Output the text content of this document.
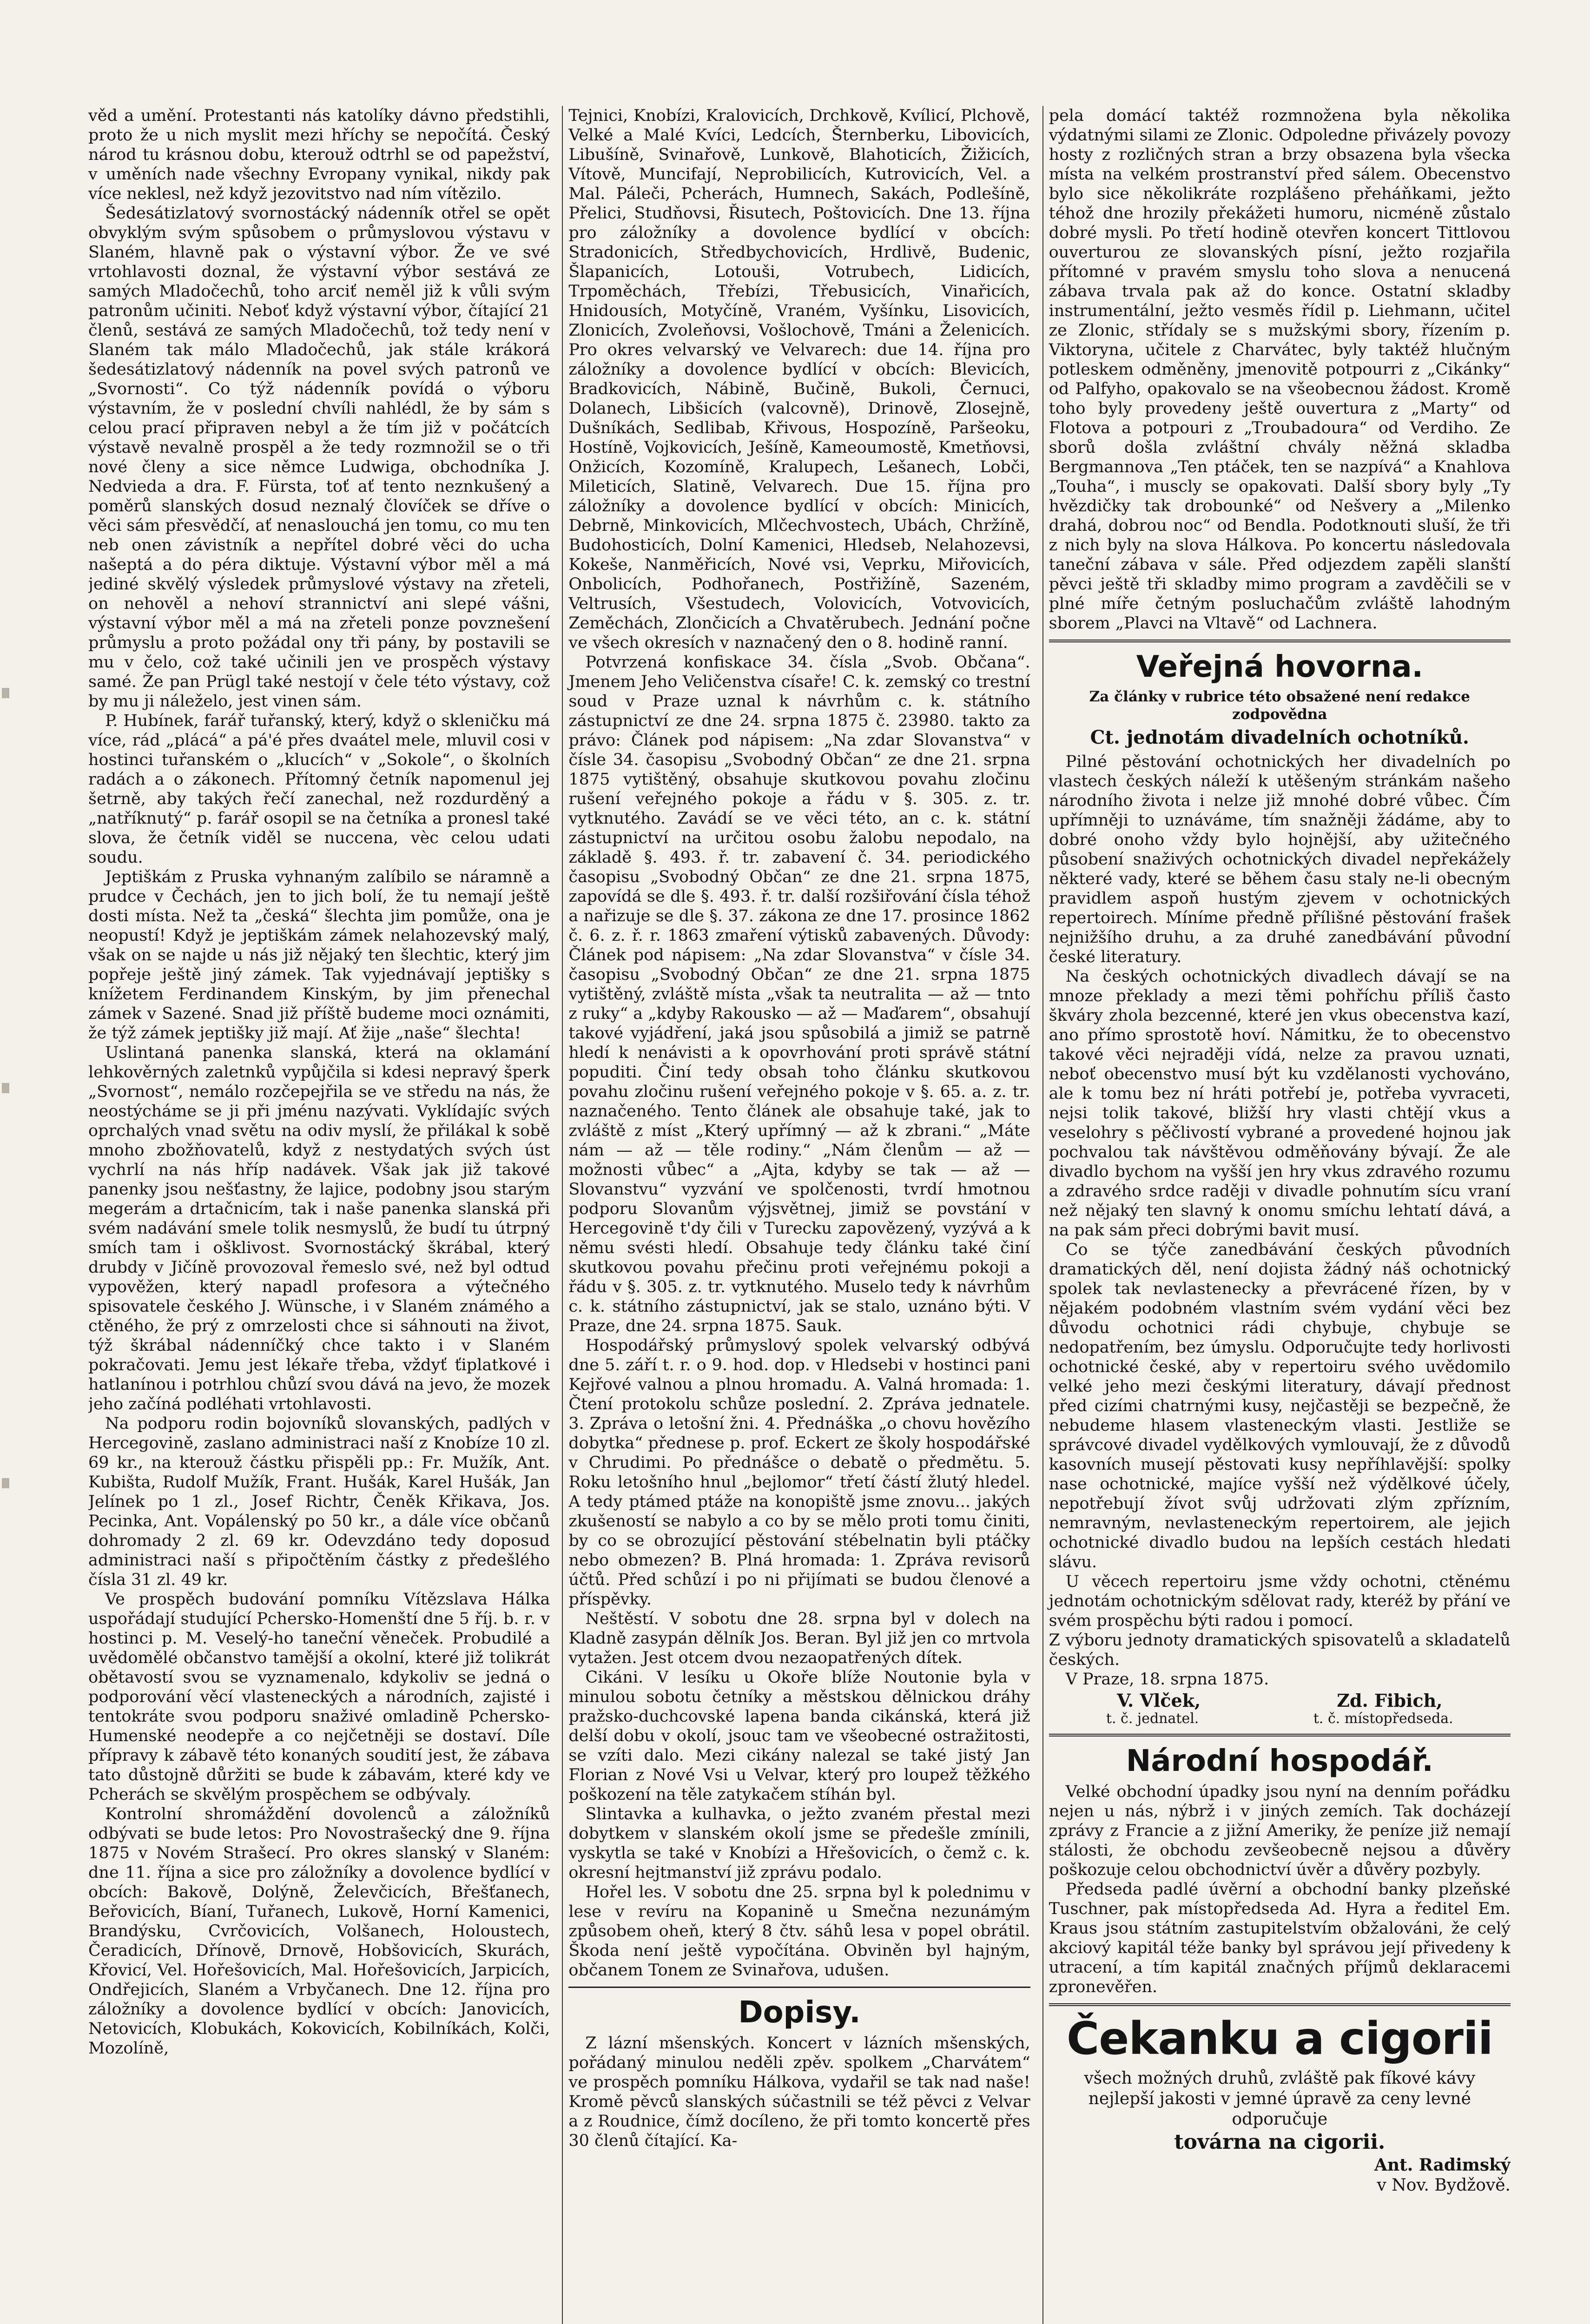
věd a umění. Protestanti nás katolíky dávno předstihli, proto že u nich myslit mezi hříchy se nepočítá. Český národ tu krásnou dobu, kterouž odtrhl se od papežství, v uměních nade všechny Evropany vynikal, nikdy pak více neklesl, než když jezovitstvo nad ním vítězilo.

Šedesátizlatový svornostácký nádenník otřel se opět obvyklým svým spůsobem o průmyslovou výstavu v Slaném, hlavně pak o výstavní výbor. Že ve své vrtohlavosti doznal, že výstavní výbor sestává ze samých Mladočechů, toho arciť neměl již k vůli svým patronům učiniti. Neboť když výstavní výbor, čítající 21 členů, sestává ze samých Mladočechů, tož tedy není v Slaném tak málo Mladočechů, jak stále krákorá šedesátizlatový nádenník na povel svých patronů ve „Svornosti“. Co týž nádenník povídá o výboru výstavním, že v poslední chvíli nahlédl, že by sám s celou prací připraven nebyl a že tím již v počátcích výstavě nevalně prospěl a že tedy rozmnožil se o tři nové členy a sice němce Ludwiga, obchodníka J. Nedvieda a dra. F. Fürsta, toť ať tento neznkušený a poměrů slanských dosud neznalý človíček se dříve o věci sám přesvědčí, ať nenaslouchá jen tomu, co mu ten neb onen závistník a nepřítel dobré věci do ucha našeptá a do péra diktuje. Výstavní výbor měl a má jediné skvělý výsledek průmyslové výstavy na zřeteli, on nehověl a nehoví strannictví ani slepé vášni, výstavní výbor měl a má na zřeteli ponze povznešení průmyslu a proto požádal ony tři pány, by postavili se mu v čelo, což také učinili jen ve prospěch výstavy samé. Že pan Prügl také nestojí v čele této výstavy, což by mu ji náleželo, jest vinen sám.

P. Hubínek, farář tuřanský, který, když o skleničku má více, rád „plácá“ a pá'é přes dvaátel mele, mluvil cosi v hostinci tuřanském o „klucích“ v „Sokole“, o školních radách a o zákonech. Přítomný četník napomenul jej šetrně, aby takých řečí zanechal, než rozdurděný a „natříknutý“ p. farář osopil se na četníka a pronesl také slova, že četník viděl se nuccena, vèc celou udati soudu.

Jeptiškám z Pruska vyhnaným zalíbilo se náramně a prudce v Čechách, jen to jich bolí, že tu nemají ještě dosti místa. Než ta „česká“ šlechta jim pomůže, ona je neopustí! Když je jeptiškám zámek nelahozevský malý, však on se najde u nás již nějaký ten šlechtic, který jim popřeje ještě jiný zámek. Tak vyjednávají jeptišky s knížetem Ferdinandem Kinským, by jim přenechal zámek v Sazené. Snad již příště budeme moci oznámiti, že týž zámek jeptišky již mají. Ať žije „naše“ šlechta!

Uslintaná panenka slanská, která na oklamání lehkověrných zaletnků vypůjčila si kdesi nepravý šperk „Svornost“, nemálo rozčepejřila se ve středu na nás, že neostýcháme se ji při jménu nazývati. Vyklídajíc svých oprchalých vnad světu na odiv myslí, že přilákal k sobě mnoho zbožňovatelů, když z nestydatých svých úst vychrlí na nás hříp nadávek. Však jak již takové panenky jsou nešťastny, že lajice, podobny jsou starým megerám a drtačnicím, tak i naše panenka slanská při svém nadávání smele tolik nesmyslů, že budí tu útrpný smích tam i ošklivost. Svornostácký škrábal, který drubdy v Jičíně provozoval řemeslo své, než byl odtud vypověžen, který napadl profesora a výtečného spisovatele českého J. Wünsche, i v Slaném známého a ctěného, že prý z omrzelosti chce si sáhnouti na život, týž škrábal nádenníčký chce takto i v Slaném pokračovati. Jemu jest lékaře třeba, vždyť ťiplatkové i hatlanínou i potrhlou chůzí svou dává na jevo, že mozek jeho začíná podléhati vrtohlavosti.

Na podporu rodin bojovníků slovanských, padlých v Hercegovině, zaslano administraci naší z Knobíze 10 zl. 69 kr., na kterouž částku přispěli pp.: Fr. Mužík, Ant. Kubišta, Rudolf Mužík, Frant. Hušák, Karel Hušák, Jan Jelínek po 1 zl., Josef Richtr, Čeněk Křikava, Jos. Pecinka, Ant. Vopálenský po 50 kr., a dále více občanů dohromady 2 zl. 69 kr. Odevzdáno tedy doposud administraci naší s připočtěním částky z předešlého čísla 31 zl. 49 kr.

Ve prospěch budování pomníku Vítězslava Hálka uspořádají studující Pchersko-Homenští dne 5 říj. b. r. v hostinci p. M. Veselý-ho taneční věneček. Probudilé a uvědomělé občanstvo tamější a okolní, které již tolikrát obětavostí svou se vyznamenalo, kdykoliv se jedná o podporování věcí vlasteneckých a národních, zajisté i tentokráte svou podporu snaživé omladině Pchersko-Humenské neodepře a co nejčetněji se dostaví. Díle přípravy k zábavě této konaných soudití jest, že zábava tato důstojně důržiti se bude k zábavám, které kdy ve Pcherách se skvělým prospěchem se odbývaly.

Kontrolní shromáždění dovolenců a záložníků odbývati se bude letos: Pro Novostrašecký dne 9. října 1875 v Novém Strašecí. Pro okres slanský v Slaném: dne 11. října a sice pro záložníky a dovolence bydlící v obcích: Bakově, Dolýně, Želevčicích, Břešťanech, Beřovicích, Bíaní, Tuřanech, Lukově, Horní Kamenici, Brandýsku, Cvrčovicích, Volšanech, Holoustech, Čeradicích, Dřínově, Drnově, Hobšovicích, Skurách, Křovicí, Vel. Hořešovicích, Mal. Hořešovicích, Jarpicích, Ondřejicích, Slaném a Vrbyčanech. Dne 12. října pro záložníky a dovolence bydlící v obcích: Janovicích, Netovicích, Klobukách, Kokovicích, Kobilníkách, Kolči, Mozolíně,

Tejnici, Knobízi, Kralovicích, Drchkově, Kvílicí, Plchově, Velké a Malé Kvíci, Ledcích, Šternberku, Libovicích, Libušíně, Svinařově, Lunkově, Blahoticích, Žižicích, Vítově, Muncifají, Neprobilicích, Kutrovicích, Vel. a Mal. Páleči, Pcherách, Humnech, Sakách, Podlešíně, Přelici, Studňovsi, Řisutech, Poštovicích. Dne 13. října pro záložníky a dovolence bydlící v obcích: Stradonicích, Středbychovicích, Hrdlivě, Budenic, Šlapanicích, Lotouši, Votrubech, Lidicích, Trpoměchách, Třebízi, Třebusicích, Vinařicích, Hnidousích, Motyčíně, Vraném, Vyšínku, Lisovicích, Zlonicích, Zvoleňovsi, Vošlochově, Tmáni a Želenicích. Pro okres velvarský ve Velvarech: due 14. října pro záložníky a dovolence bydlící v obcích: Blevicích, Bradkovicích, Nábině, Bučině, Bukoli, Černuci, Dolanech, Libšicích (valcovně), Drinově, Zlosejně, Dušníkách, Sedlibab, Křivous, Hospozíně, Paršeoku, Hostíně, Vojkovicích, Ješíně, Kameoumostě, Kmetňovsi, Onžicích, Kozomíně, Kralupech, Lešanech, Lobči, Mileticích, Slatině, Velvarech. Due 15. října pro záložníky a dovolence bydlící v obcích: Minicích, Debrně, Minkovicích, Mlčechvostech, Ubách, Chržíně, Budohosticích, Dolní Kamenici, Hledseb, Nelahozevsi, Kokeše, Nanměřicích, Nové vsi, Veprku, Miřovicích, Onbolicích, Podhořanech, Postřižíně, Sazeném, Veltrusích, Všestudech, Volovicích, Votvovicích, Zeměchách, Zlončicích a Chvatěrubech. Jednání počne ve všech okresích v naznačený den o 8. hodině ranní.

Potvrzená konfiskace 34. čísla „Svob. Občana“. Jmenem Jeho Veličenstva císaře! C. k. zemský co trestní soud v Praze uznal k návrhům c. k. státního zástupnictví ze dne 24. srpna 1875 č. 23980. takto za právo: Článek pod nápisem: „Na zdar Slovanstva“ v čísle 34. časopisu „Svobodný Občan“ ze dne 21. srpna 1875 vytištěný, obsahuje skutkovou povahu zločinu rušení veřejného pokoje a řádu v §. 305. z. tr. vytknutého. Zavádí se ve věci této, an c. k. státní zástupnictví na určitou osobu žalobu nepodalo, na základě §. 493. ř. tr. zabavení č. 34. periodického časopisu „Svobodný Občan“ ze dne 21. srpna 1875, zapovídá se dle §. 493. ř. tr. další rozšiřování čísla téhož a nařizuje se dle §. 37. zákona ze dne 17. prosince 1862 č. 6. z. ř. r. 1863 zmaření výtisků zabavených. Důvody: Článek pod nápisem: „Na zdar Slovanstva“ v čísle 34. časopisu „Svobodný Občan“ ze dne 21. srpna 1875 vytištěný, zvláště místa „však ta neutralita — až — tnto z ruky“ a „kdyby Rakousko — až — Maďarem“, obsahují takové vyjádření, jaká jsou spůsobilá a jimiž se patrně hledí k nenávisti a k opovrhování proti správě státní popuditi. Činí tedy obsah toho článku skutkovou povahu zločinu rušení veřejného pokoje v §. 65. a. z. tr. naznačeného. Tento článek ale obsahuje také, jak to zvláště z míst „Který upřímný — až k zbrani.“ „Máte nám — až — těle rodiny.“ „Nám členům — až — možnosti vůbec“ a „Ajta, kdyby se tak — až — Slovanstvu“ vyzvání ve spolčenosti, tvrdí hmotnou podporu Slovanům výjsvětnej, jimiž se povstání v Hercegovině t'dy čili v Turecku zapovězený, vyzývá a k němu svésti hledí. Obsahuje tedy článku také činí skutkovou povahu přečinu proti veřejnému pokoji a řádu v §. 305. z. tr. vytknutého. Muselo tedy k návrhům c. k. státního zástupnictví, jak se stalo, uznáno býti. V Praze, dne 24. srpna 1875. Sauk.

Hospodářský průmyslový spolek velvarský odbývá dne 5. září t. r. o 9. hod. dop. v Hledsebi v hostinci pani Kejřové valnou a plnou hromadu. A. Valná hromada: 1. Čtení protokolu schůze poslední. 2. Zpráva jednatele. 3. Zpráva o letošní žni. 4. Přednáška „o chovu hovězího dobytka“ přednese p. prof. Eckert ze školy hospodářské v Chrudimi. Po přednášce o debatě o předmětu. 5. Roku letošního hnul „bejlomor“ třetí částí žlutý hledel. A tedy ptámed ptáže na konopiště jsme znovu... jakých zkušeností se nabylo a co by se mělo proti tomu činiti, by co se obrozující pěstování stébelnatin byli ptáčky nebo obmezen? B. Plná hromada: 1. Zpráva revisorů účtů. Před schůzí i po ni přijímati se budou členové a příspěvky.

Neštěstí. V sobotu dne 28. srpna byl v dolech na Kladně zasypán dělník Jos. Beran. Byl již jen co mrtvola vytažen. Jest otcem dvou nezaopatřených dítek.

Cikáni. V lesíku u Okoře blíže Noutonie byla v minulou sobotu četníky a městskou dělnickou dráhy pražsko-duchcovské lapena banda cikánská, která již delší dobu v okolí, jsouc tam ve všeobecné ostražitosti, se vzíti dalo. Mezi cikány nalezal se také jistý Jan Florian z Nové Vsi u Velvar, který pro loupež těžkého poškození na těle zatykačem stíhán byl.

Slintavka a kulhavka, o ježto zvaném přestal mezi dobytkem v slanském okolí jsme se předešle zmínili, vyskytla se také v Knobízi a Hřešovicích, o čemž c. k. okresní hejtmanství již zprávu podalo.

Hořel les. V sobotu dne 25. srpna byl k polednimu v lese v revíru na Kopanině u Smečna nezunámým způsobem oheň, který 8 čtv. sáhů lesa v popel obrátil. Škoda není ještě vypočítána. Obviněn byl hajným, občanem Tonem ze Svinařova, udušen.

Dopisy.

Z lázní mšenských. Koncert v lázních mšenských, pořádaný minulou neděli zpěv. spolkem „Charvátem“ ve prospěch pomníku Hálkova, vydařil se tak nad naše! Kromě pěvců slanských súčastnili se též pěvci z Velvar a z Roudnice, čímž docíleno, že při tomto koncertě přes 30 členů čítající. Ka-

pela domácí taktéž rozmnožena byla několika výdatnými silami ze Zlonic. Odpoledne přivázely povozy hosty z rozličných stran a brzy obsazena byla všecka místa na velkém prostranství před sálem. Obecenstvo bylo sice několikráte rozplášeno přeháňkami, ježto téhož dne hrozily překážeti humoru, nicméně zůstalo dobré mysli. Po třetí hodině otevřen koncert Tittlovou ouverturou ze slovanských písní, ježto rozjařila přítomné v pravém smyslu toho slova a nenucená zábava trvala pak až do konce. Ostatní skladby instrumentální, ježto vesměs řídil p. Liehmann, učitel ze Zlonic, střídaly se s mužskými sbory, řízením p. Viktoryna, učitele z Charvátec, byly taktéž hlučným potleskem odměněny, jmenovitě potpourri z „Cikánky“ od Palfyho, opakovalo se na všeobecnou žádost. Kromě toho byly provedeny ještě ouvertura z „Marty“ od Flotova a potpouri z „Troubadoura“ od Verdiho. Ze sborů došla zvláštní chvály něžná skladba Bergmannova „Ten ptáček, ten se nazpívá“ a Knahlova „Touha“, i muscly se opakovati. Další sbory byly „Ty hvězdičky tak drobounké“ od Nešvery a „Milenko drahá, dobrou noc“ od Bendla. Podotknouti sluší, že tři z nich byly na slova Hálkova. Po koncertu následovala taneční zábava v sále. Před odjezdem zapěli slanští pěvci ještě tři skladby mimo program a zavděčili se v plné míře četným posluchačům zvláště lahodným sborem „Plavci na Vltavě“ od Lachnera.

Veřejná hovorna.
Za články v rubrice této obsažené není redakce zodpovědna
Ct. jednotám divadelních ochotníků.

Pilné pěstování ochotnických her divadelních po vlastech českých náleží k utěšeným stránkám našeho národního života i nelze již mnohé dobré vůbec. Čím upřímněji to uznáváme, tím snažněji žádáme, aby to dobré onoho vždy bylo hojnější, aby užitečného působení snaživých ochotnických divadel nepřekážely některé vady, které se během času staly ne-li obecným pravidlem aspoň hustým zjevem v ochotnických repertoirech. Míníme předně přílišné pěstování frašek nejnižšího druhu, a za druhé zanedbávání původní české literatury.

Na českých ochotnických divadlech dávají se na mnoze překlady a mezi těmi pohříchu příliš často škváry zhola bezcenné, které jen vkus obecenstva kazí, ano přímo sprostotě hoví. Námitku, že to obecenstvo takové věci nejraději vídá, nelze za pravou uznati, neboť obecenstvo musí být ku vzdělanosti vychováno, ale k tomu bez ní hráti potřebí je, potřeba vyvraceti, nejsi tolik takové, bližší hry vlasti chtějí vkus a veselohry s pěčlivostí vybrané a provedené hojnou jak pochvalou tak návštěvou odměňovány bývají. Že ale divadlo bychom na vyšší jen hry vkus zdravého rozumu a zdravého srdce raději v divadle pohnutím sícu vraní než nějaký ten slavný k onomu smíchu lehtatí dává, a na pak sám přeci dobrými bavit musí.

Co se týče zanedbávání českých původních dramatických děl, není dojista žádný náš ochotnický spolek tak nevlastenecky a převrácené řízen, by v nějakém podobném vlastním svém vydání věci bez důvodu ochotnici rádi chybuje, chybuje se nedopatřením, bez úmyslu. Odporučujte tedy horlivosti ochotnické české, aby v repertoiru svého uvědomilo velké jeho mezi českými literatury, dávají přednost před cizími chatrnými kusy, nejčastěji se bezpečně, že nebudeme hlasem vlasteneckým vlasti. Jestliže se správcové divadel vydělkových vymlouvají, že z důvodů kasovních musejí pěstovati kusy nepříhlavější: spolky nase ochotnické, majíce vyšší než výdělkové účely, nepotřebují žívot svůj udržovati zlým zpřízním, nemravným, nevlasteneckým repertoirem, ale jejich ochotnické divadlo budou na lepších cestách hledati slávu.

U věcech repertoiru jsme vždy ochotni, ctěnému jednotám ochotnickým sdělovat rady, kteréž by přání ve svém prospěchu býti radou i pomocí.

Z výboru jednoty dramatických spisovatelů a skladatelů českých.

V Praze, 18. srpna 1875.

V. Vlček,	Zd. Fibich,
t. č. jednatel.	t. č. místopředseda.
Národní hospodář.

Velké obchodní úpadky jsou nyní na denním pořádku nejen u nás, nýbrž i v jiných zemích. Tak docházejí zprávy z Francie a z jižní Ameriky, že peníze již nemají stálosti, že obchodu zevšeobecně nejsou a důvěry poškozuje celou obchodnictví úvěr a důvěry pozbyly.

Předseda padlé úvěrní a obchodní banky plzeňské Tuschner, pak místopředseda Ad. Hyra a ředitel Em. Kraus jsou státním zastupitelstvím obžalováni, že celý akciový kapitál téže banky byl správou její přivedeny k utracení, a tím kapitál značných příjmů deklaracemi zpronevěřen.

Čekanku a cigorii
všech možných druhů, zvláště pak fíkové kávy nejlepší jakosti v jemné úpravě za ceny levné odporučuje
továrna na cigorii.
Ant. Radimský
v Nov. Bydžově.
